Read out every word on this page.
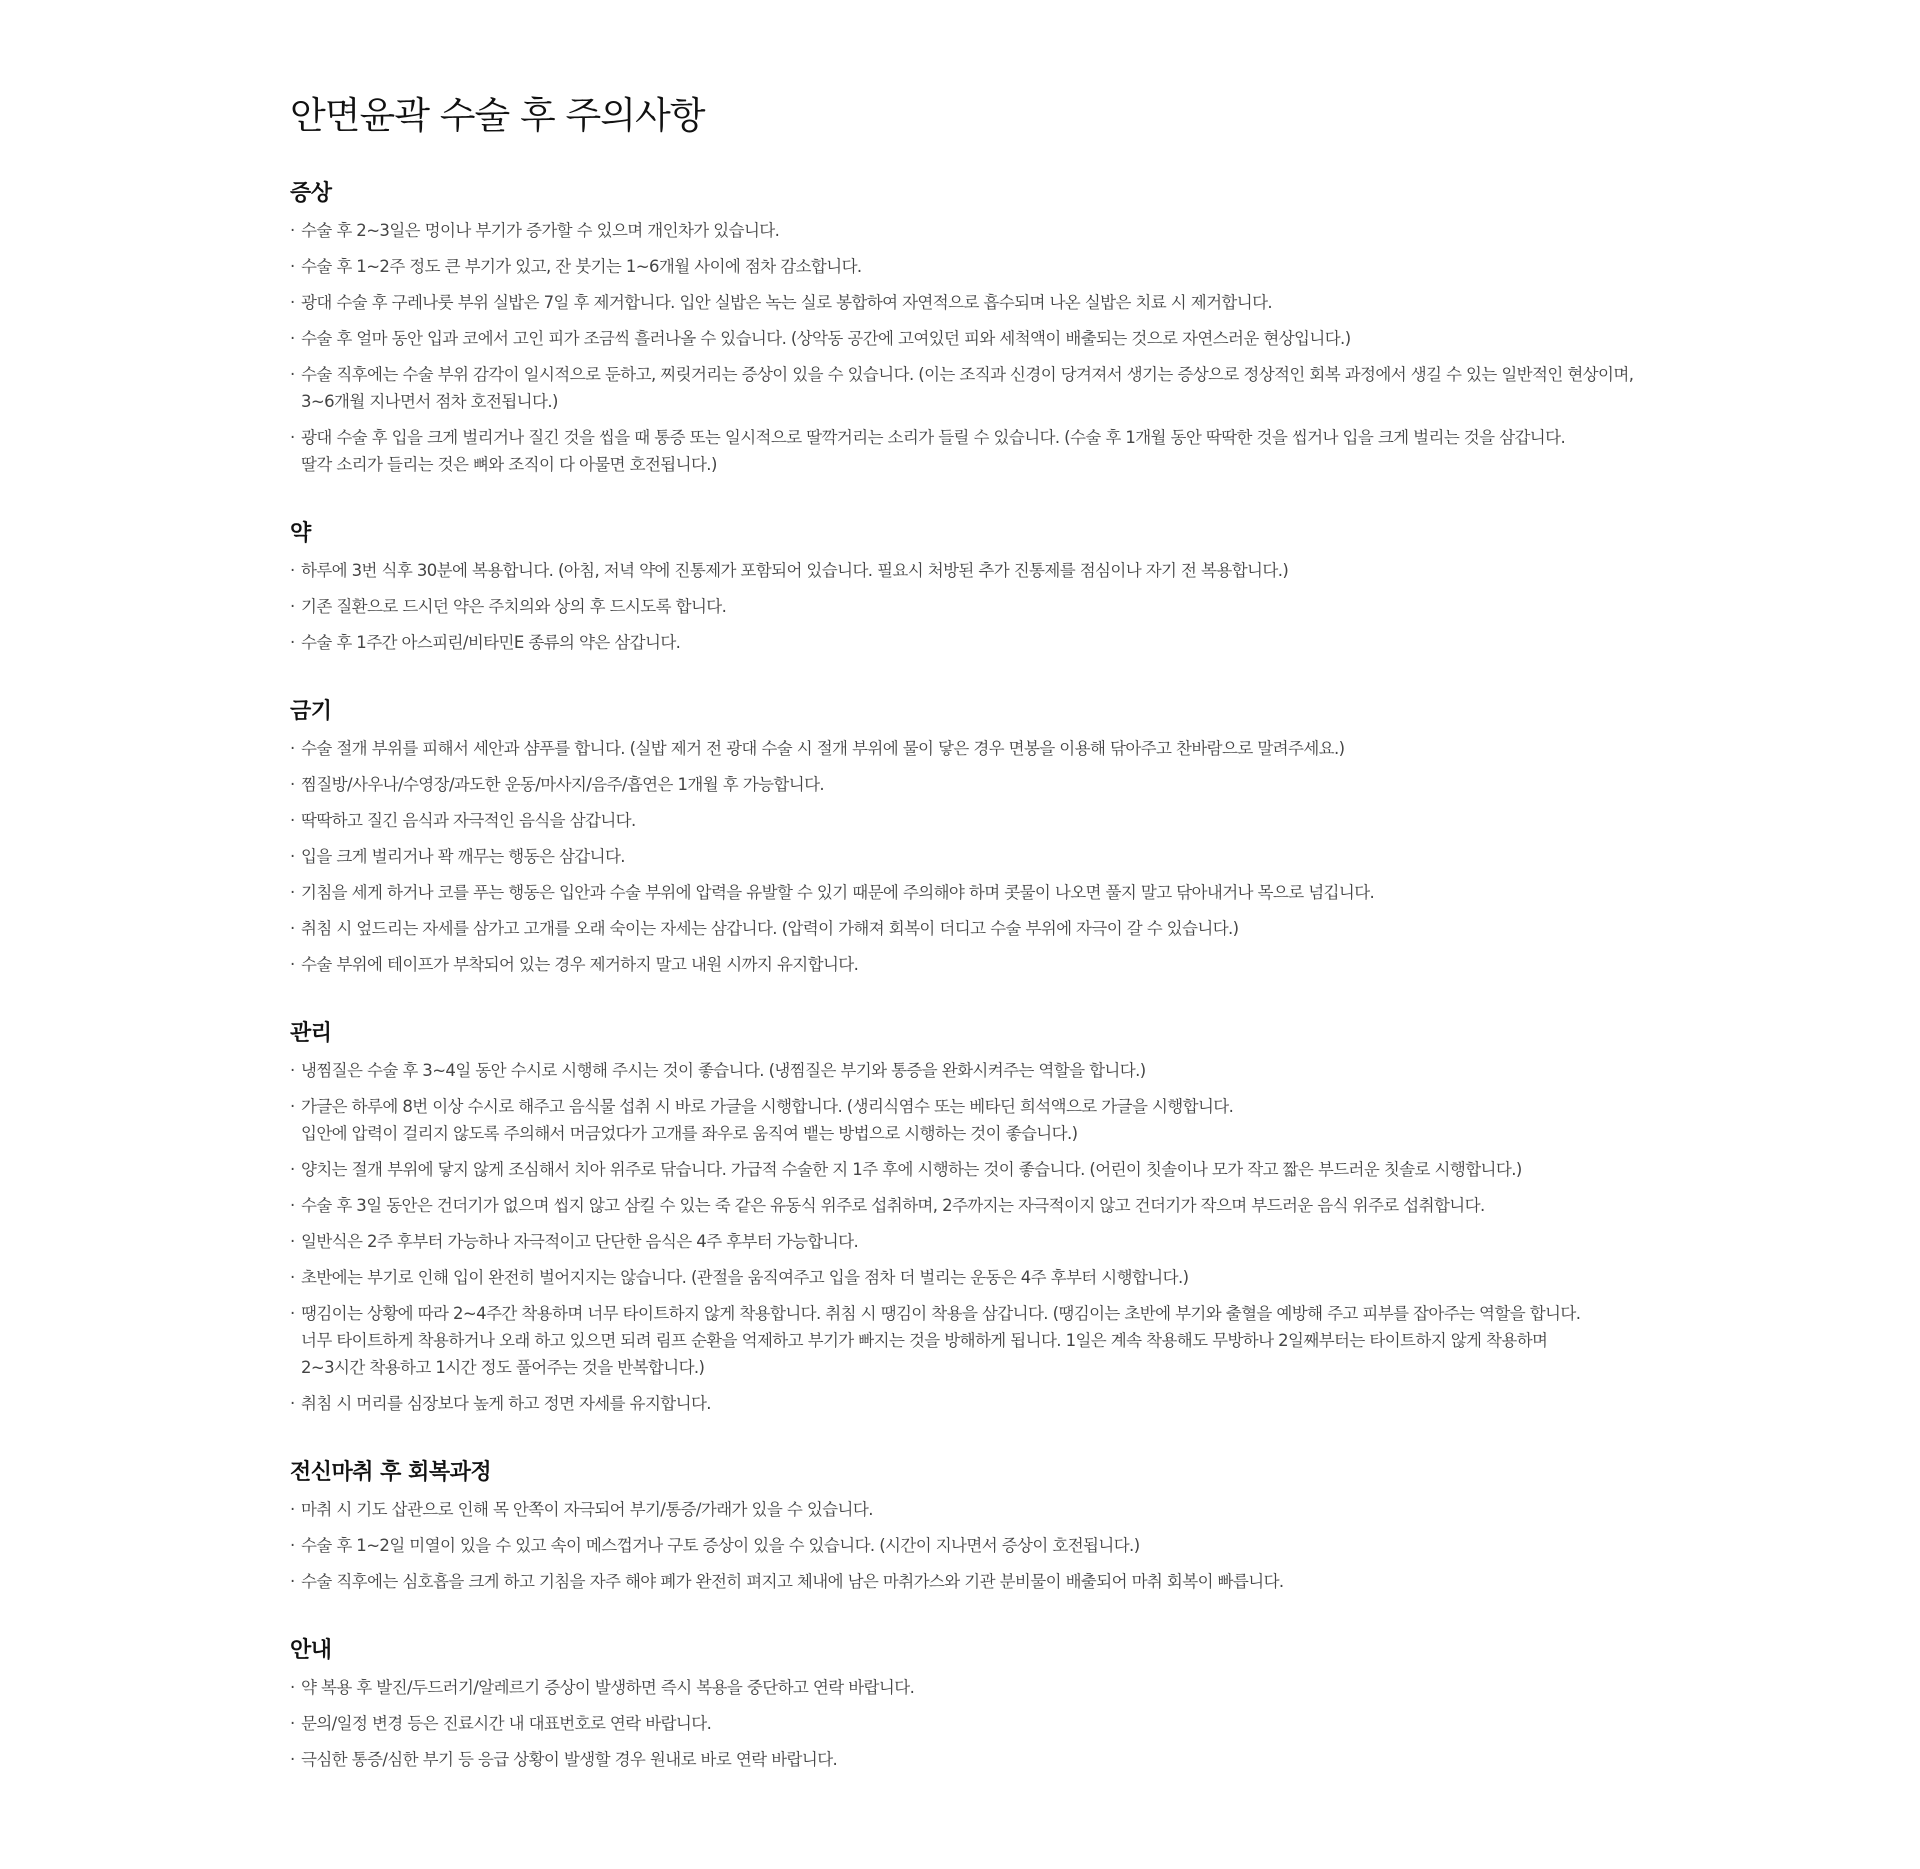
안면윤곽 수술 후 주의사항
증상
· 수술 후 2~3일은 멍이나 부기가 증가할 수 있으며 개인차가 있습니다.
· 수술 후 1~2주 정도 큰 부기가 있고, 잔 붓기는 1~6개월 사이에 점차 감소합니다.
· 광대 수술 후 구레나룻 부위 실밥은 7일 후 제거합니다. 입안 실밥은 녹는 실로 봉합하여 자연적으로 흡수되며 나온 실밥은 치료 시 제거합니다.
· 수술 후 얼마 동안 입과 코에서 고인 피가 조금씩 흘러나올 수 있습니다. (상악동 공간에 고여있던 피와 세척액이 배출되는 것으로 자연스러운 현상입니다.)
· 수술 직후에는 수술 부위 감각이 일시적으로 둔하고, 찌릿거리는 증상이 있을 수 있습니다. (이는 조직과 신경이 당겨져서 생기는 증상으로 정상적인 회복 과정에서 생길 수 있는 일반적인 현상이며,
3~6개월 지나면서 점차 호전됩니다.)
· 광대 수술 후 입을 크게 벌리거나 질긴 것을 씹을 때 통증 또는 일시적으로 딸깍거리는 소리가 들릴 수 있습니다. (수술 후 1개월 동안 딱딱한 것을 씹거나 입을 크게 벌리는 것을 삼갑니다.
딸각 소리가 들리는 것은 뼈와 조직이 다 아물면 호전됩니다.)
약
· 하루에 3번 식후 30분에 복용합니다. (아침, 저녁 약에 진통제가 포함되어 있습니다. 필요시 처방된 추가 진통제를 점심이나 자기 전 복용합니다.)
· 기존 질환으로 드시던 약은 주치의와 상의 후 드시도록 합니다.
· 수술 후 1주간 아스피린/비타민E 종류의 약은 삼갑니다.
금기
· 수술 절개 부위를 피해서 세안과 샴푸를 합니다. (실밥 제거 전 광대 수술 시 절개 부위에 물이 닿은 경우 면봉을 이용해 닦아주고 찬바람으로 말려주세요.)
· 찜질방/사우나/수영장/과도한 운동/마사지/음주/흡연은 1개월 후 가능합니다.
· 딱딱하고 질긴 음식과 자극적인 음식을 삼갑니다.
· 입을 크게 벌리거나 꽉 깨무는 행동은 삼갑니다.
· 기침을 세게 하거나 코를 푸는 행동은 입안과 수술 부위에 압력을 유발할 수 있기 때문에 주의해야 하며 콧물이 나오면 풀지 말고 닦아내거나 목으로 넘깁니다.
· 취침 시 엎드리는 자세를 삼가고 고개를 오래 숙이는 자세는 삼갑니다. (압력이 가해져 회복이 더디고 수술 부위에 자극이 갈 수 있습니다.)
· 수술 부위에 테이프가 부착되어 있는 경우 제거하지 말고 내원 시까지 유지합니다.
관리
· 냉찜질은 수술 후 3~4일 동안 수시로 시행해 주시는 것이 좋습니다. (냉찜질은 부기와 통증을 완화시켜주는 역할을 합니다.)
· 가글은 하루에 8번 이상 수시로 해주고 음식물 섭취 시 바로 가글을 시행합니다. (생리식염수 또는 베타딘 희석액으로 가글을 시행합니다.
입안에 압력이 걸리지 않도록 주의해서 머금었다가 고개를 좌우로 움직여 뱉는 방법으로 시행하는 것이 좋습니다.)
· 양치는 절개 부위에 닿지 않게 조심해서 치아 위주로 닦습니다. 가급적 수술한 지 1주 후에 시행하는 것이 좋습니다. (어린이 칫솔이나 모가 작고 짧은 부드러운 칫솔로 시행합니다.)
· 수술 후 3일 동안은 건더기가 없으며 씹지 않고 삼킬 수 있는 죽 같은 유동식 위주로 섭취하며, 2주까지는 자극적이지 않고 건더기가 작으며 부드러운 음식 위주로 섭취합니다.
· 일반식은 2주 후부터 가능하나 자극적이고 단단한 음식은 4주 후부터 가능합니다.
· 초반에는 부기로 인해 입이 완전히 벌어지지는 않습니다. (관절을 움직여주고 입을 점차 더 벌리는 운동은 4주 후부터 시행합니다.)
· 땡김이는 상황에 따라 2~4주간 착용하며 너무 타이트하지 않게 착용합니다. 취침 시 땡김이 착용을 삼갑니다. (땡김이는 초반에 부기와 출혈을 예방해 주고 피부를 잡아주는 역할을 합니다.
너무 타이트하게 착용하거나 오래 하고 있으면 되려 림프 순환을 억제하고 부기가 빠지는 것을 방해하게 됩니다. 1일은 계속 착용해도 무방하나 2일째부터는 타이트하지 않게 착용하며
2~3시간 착용하고 1시간 정도 풀어주는 것을 반복합니다.)
· 취침 시 머리를 심장보다 높게 하고 정면 자세를 유지합니다.
전신마취 후 회복과정
· 마취 시 기도 삽관으로 인해 목 안쪽이 자극되어 부기/통증/가래가 있을 수 있습니다.
· 수술 후 1~2일 미열이 있을 수 있고 속이 메스껍거나 구토 증상이 있을 수 있습니다. (시간이 지나면서 증상이 호전됩니다.)
· 수술 직후에는 심호흡을 크게 하고 기침을 자주 해야 폐가 완전히 펴지고 체내에 남은 마취가스와 기관 분비물이 배출되어 마취 회복이 빠릅니다.
안내
· 약 복용 후 발진/두드러기/알레르기 증상이 발생하면 즉시 복용을 중단하고 연락 바랍니다.
· 문의/일정 변경 등은 진료시간 내 대표번호로 연락 바랍니다.
· 극심한 통증/심한 부기 등 응급 상황이 발생할 경우 원내로 바로 연락 바랍니다.
